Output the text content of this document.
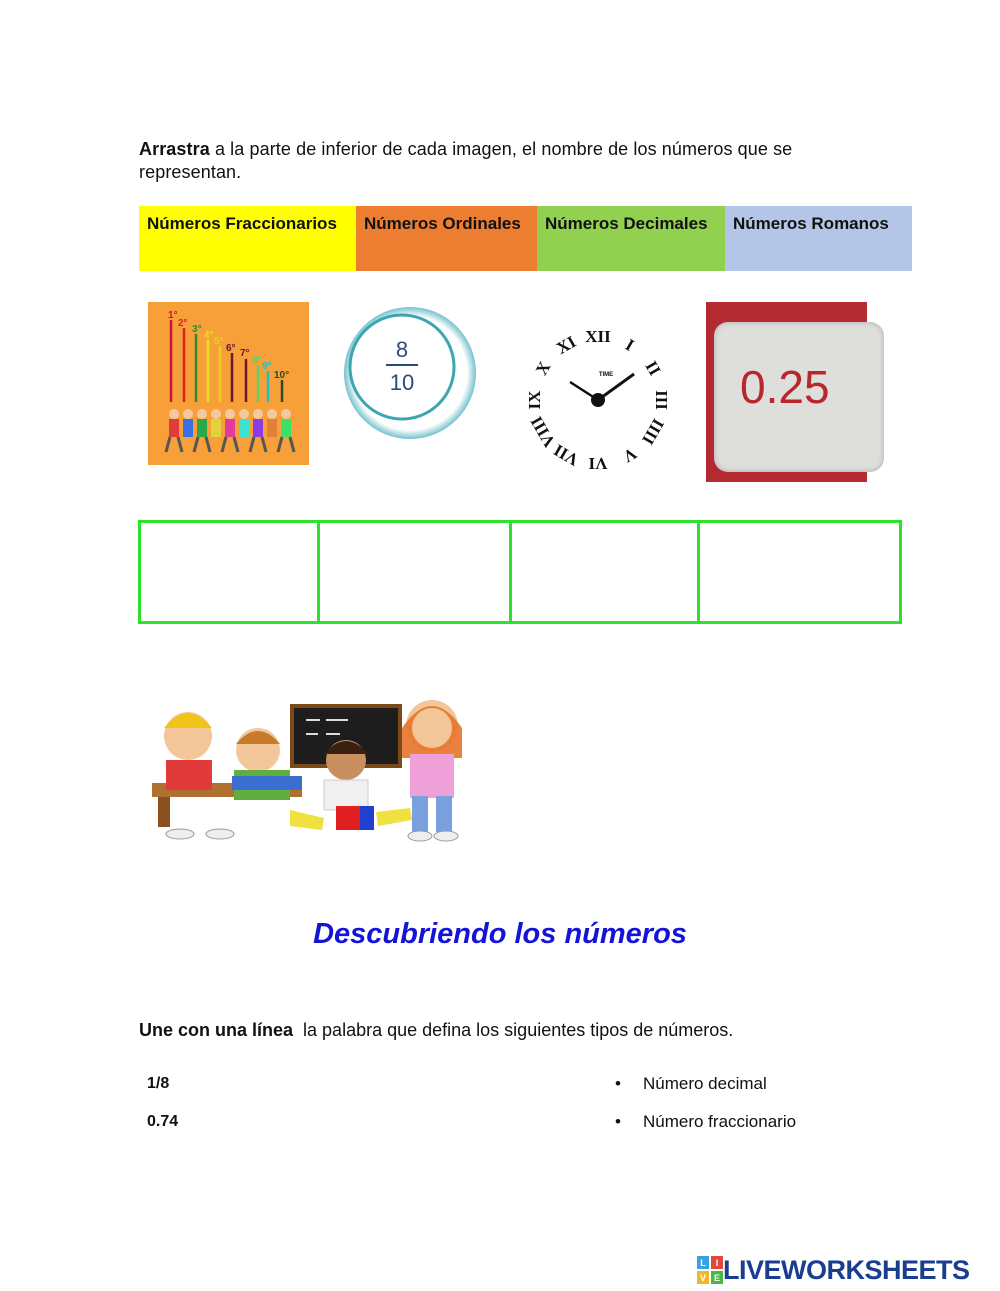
Arrastra a la parte de inferior de cada imagen, el nombre de los números que se representan.
Números Fraccionarios	Números Ordinales	Números Decimales	Números Romanos
1°
2°
3°
4°
5°
6° 7°
8°
9°
10°
8
10	TIME
XII I
II
III
IIII
V
VI
VII
VIII
IX
X
XI
0.25
Descubriendo los números
Une con una línea  la palabra que defina los siguientes tipos de números.
1/8
0.74
• Número decimal
• Número fraccionario
L I
V E LIVEWORKSHEETS
